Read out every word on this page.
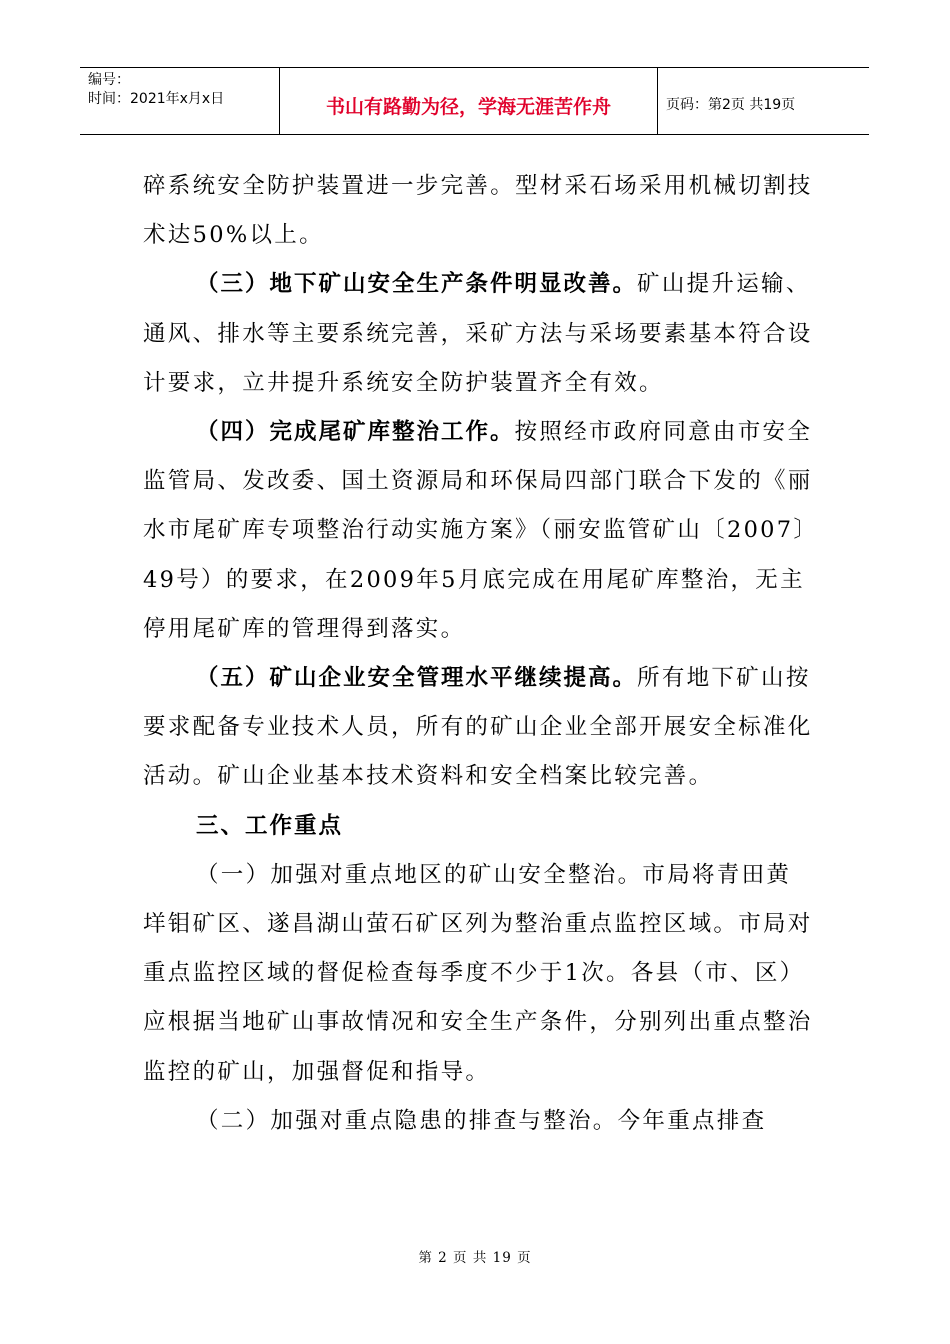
编号：
时间：2021年x月x日	书山有路勤为径，学海无涯苦作舟	页码：第2页 共19页

碎系统安全防护装置进一步完善。型材采石场采用机械切割技术达50%以上。

（三）地下矿山安全生产条件明显改善。矿山提升运输、通风、排水等主要系统完善，采矿方法与采场要素基本符合设计要求，立井提升系统安全防护装置齐全有效。

（四）完成尾矿库整治工作。按照经市政府同意由市安全监管局、发改委、国土资源局和环保局四部门联合下发的《丽水市尾矿库专项整治行动实施方案》（丽安监管矿山〔2007〕49号）的要求，在2009年5月底完成在用尾矿库整治，无主停用尾矿库的管理得到落实。

（五）矿山企业安全管理水平继续提高。所有地下矿山按要求配备专业技术人员，所有的矿山企业全部开展安全标准化活动。矿山企业基本技术资料和安全档案比较完善。

三、工作重点

（一）加强对重点地区的矿山安全整治。市局将青田黄垟钼矿区、遂昌湖山萤石矿区列为整治重点监控区域。市局对重点监控区域的督促检查每季度不少于1次。各县（市、区）应根据当地矿山事故情况和安全生产条件，分别列出重点整治监控的矿山，加强督促和指导。

（二）加强对重点隐患的排查与整治。今年重点排查

第 2 页 共 19 页
